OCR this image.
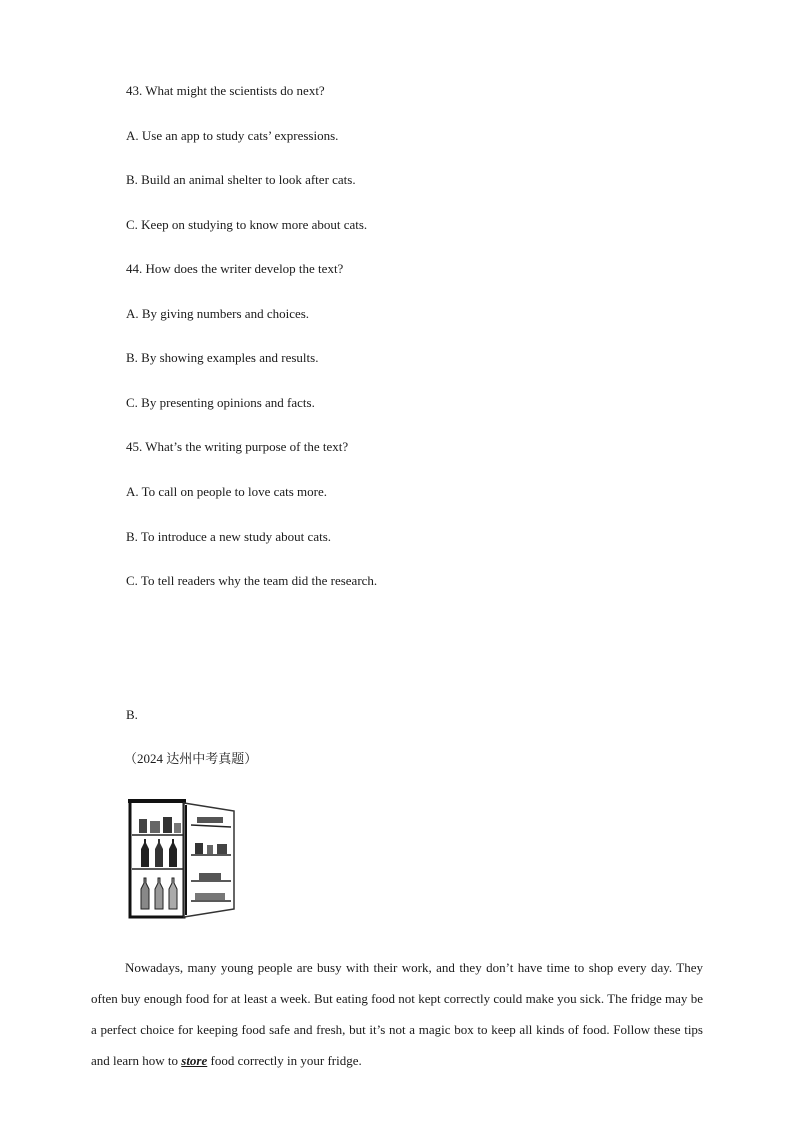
43. What might the scientists do next?
A. Use an app to study cats’ expressions.
B. Build an animal shelter to look after cats.
C. Keep on studying to know more about cats.
44. How does the writer develop the text?
A. By giving numbers and choices.
B. By showing examples and results.
C. By presenting opinions and facts.
45. What’s the writing purpose of the text?
A. To call on people to love cats more.
B. To introduce a new study about cats.
C. To tell readers why the team did the research.
B.
（2024 达州中考真题）
Nowadays, many young people are busy with their work, and they don’t have time to shop every day. They often buy enough food for at least a week. But eating food not kept correctly could make you sick. The fridge may be a perfect choice for keeping food safe and fresh, but it’s not a magic box to keep all kinds of food. Follow these tips and learn how to store food correctly in your fridge.
